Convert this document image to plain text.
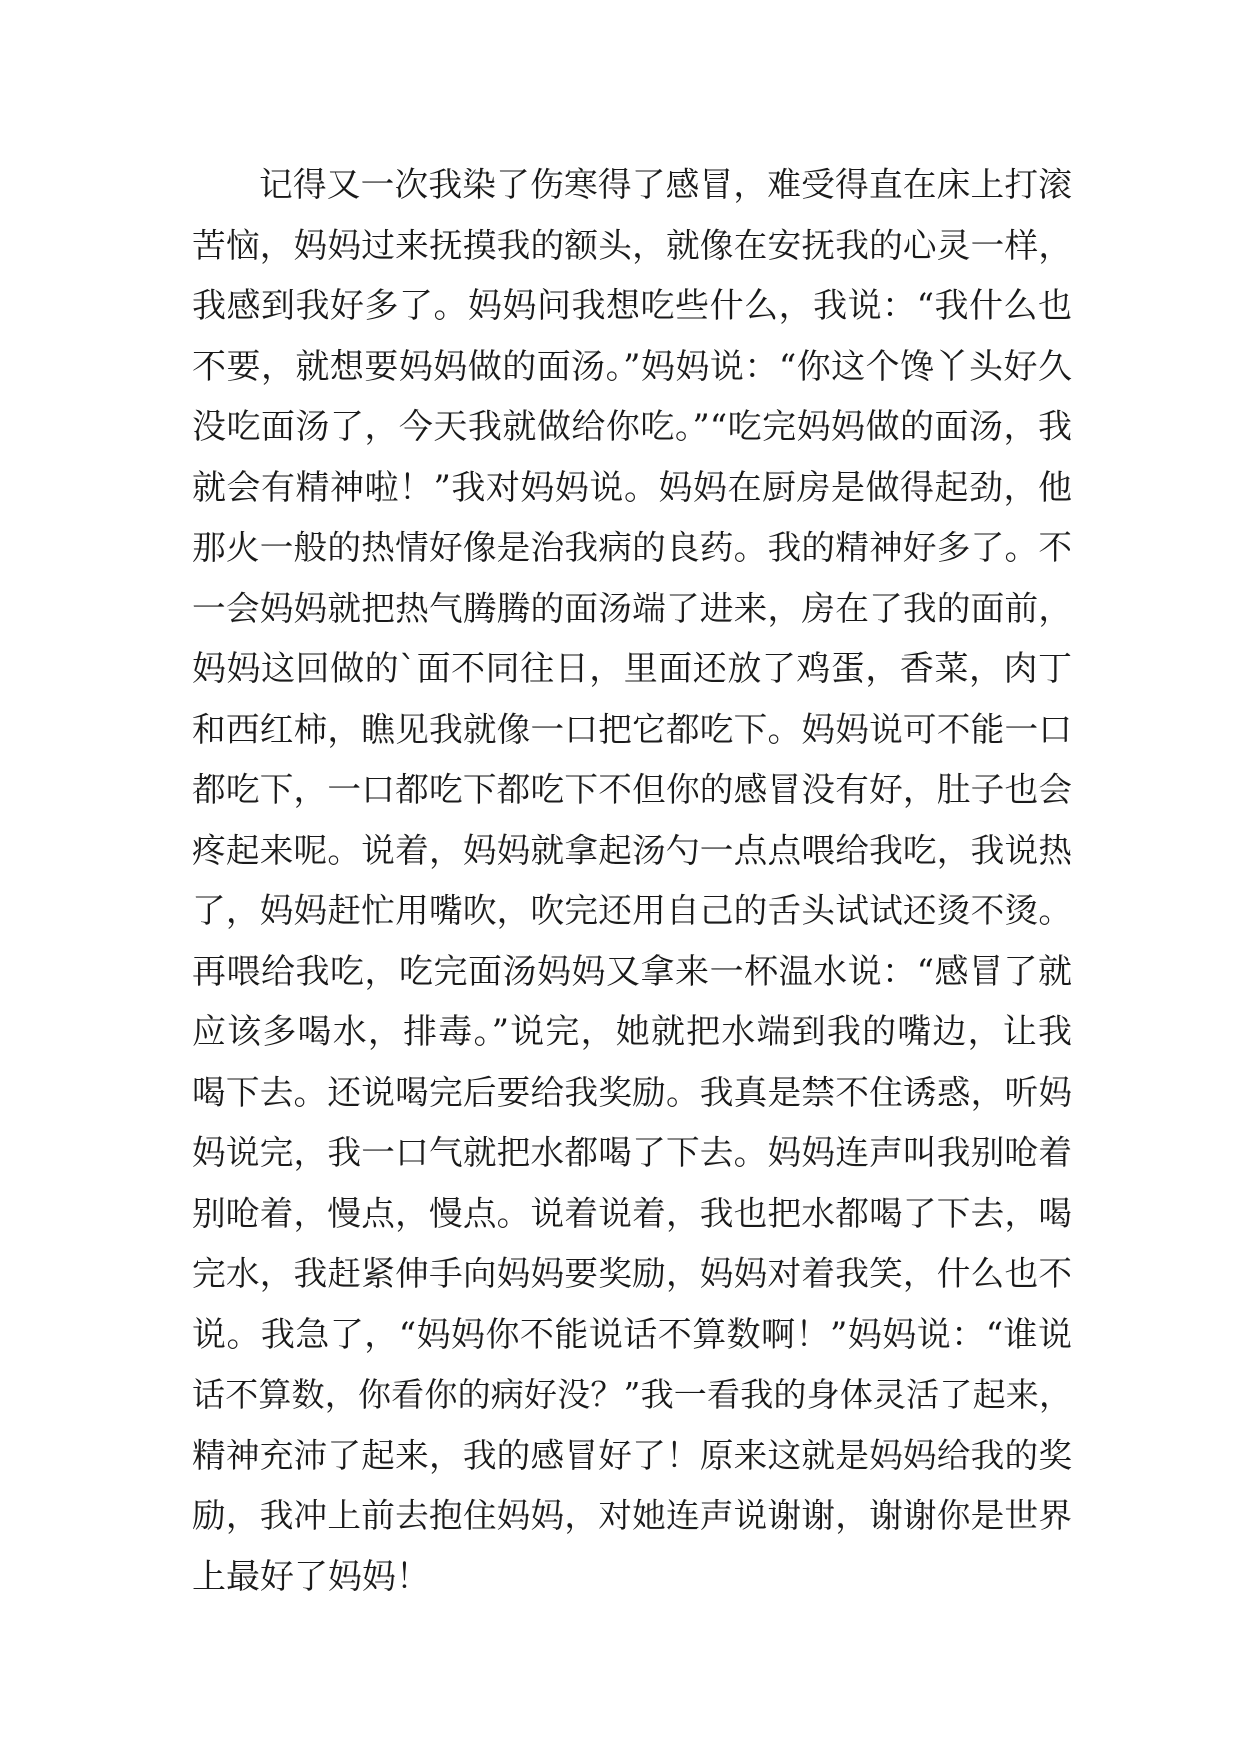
记得又一次我染了伤寒得了感冒，难受得直在床上打滚
苦恼，妈妈过来抚摸我的额头，就像在安抚我的心灵一样，
我感到我好多了。妈妈问我想吃些什么，我说：“我什么也
不要，就想要妈妈做的面汤。”妈妈说：“你这个馋丫头好久
没吃面汤了，今天我就做给你吃。”“吃完妈妈做的面汤，我
就会有精神啦！”我对妈妈说。妈妈在厨房是做得起劲，他
那火一般的热情好像是治我病的良药。我的精神好多了。不
一会妈妈就把热气腾腾的面汤端了进来，房在了我的面前，
妈妈这回做的`面不同往日，里面还放了鸡蛋，香菜，肉丁
和西红柿，瞧见我就像一口把它都吃下。妈妈说可不能一口
都吃下，一口都吃下都吃下不但你的感冒没有好，肚子也会
疼起来呢。说着，妈妈就拿起汤勺一点点喂给我吃，我说热
了，妈妈赶忙用嘴吹，吹完还用自己的舌头试试还烫不烫。
再喂给我吃，吃完面汤妈妈又拿来一杯温水说：“感冒了就
应该多喝水，排毒。”说完，她就把水端到我的嘴边，让我
喝下去。还说喝完后要给我奖励。我真是禁不住诱惑，听妈
妈说完，我一口气就把水都喝了下去。妈妈连声叫我别呛着
别呛着，慢点，慢点。说着说着，我也把水都喝了下去，喝
完水，我赶紧伸手向妈妈要奖励，妈妈对着我笑，什么也不
说。我急了，“妈妈你不能说话不算数啊！”妈妈说：“谁说
话不算数，你看你的病好没？”我一看我的身体灵活了起来，
精神充沛了起来，我的感冒好了！原来这就是妈妈给我的奖
励，我冲上前去抱住妈妈，对她连声说谢谢，谢谢你是世界
上最好了妈妈！
